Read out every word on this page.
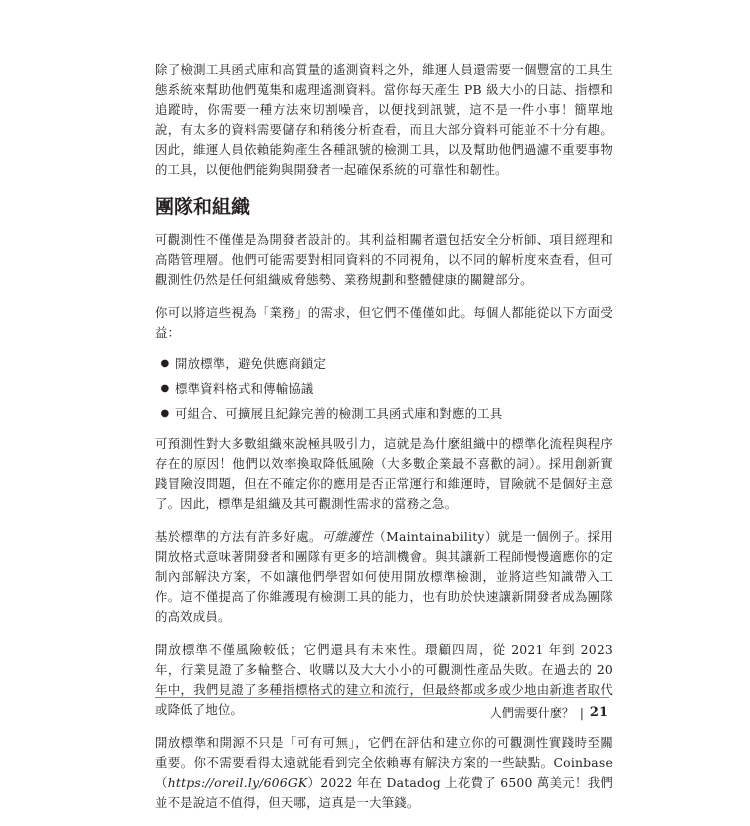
除了檢測工具函式庫和高質量的遙測資料之外，維運人員還需要一個豐富的工具生態系統來幫助他們蒐集和處理遙測資料。當你每天產生 PB 級大小的日誌、指標和追蹤時，你需要一種方法來切割噪音，以便找到訊號，這不是一件小事！簡單地說，有太多的資料需要儲存和稍後分析查看，而且大部分資料可能並不十分有趣。因此，維運人員依賴能夠產生各種訊號的檢測工具，以及幫助他們過濾不重要事物的工具，以便他們能夠與開發者一起確保系統的可靠性和韌性。

團隊和組織

可觀測性不僅僅是為開發者設計的。其利益相關者還包括安全分析師、項目經理和高階管理層。他們可能需要對相同資料的不同視角，以不同的解析度來查看，但可觀測性仍然是任何組織威脅態勢、業務規劃和整體健康的關鍵部分。

你可以將這些視為「業務」的需求，但它們不僅僅如此。每個人都能從以下方面受益：

● 開放標準，避免供應商鎖定
● 標準資料格式和傳輸協議
● 可組合、可擴展且紀錄完善的檢測工具函式庫和對應的工具

可預測性對大多數組織來說極具吸引力，這就是為什麼組織中的標準化流程與程序存在的原因！他們以效率換取降低風險（大多數企業最不喜歡的詞）。採用創新實踐冒險沒問題，但在不確定你的應用是否正常運行和維運時，冒險就不是個好主意了。因此，標準是組織及其可觀測性需求的當務之急。

基於標準的方法有許多好處。可維護性（Maintainability）就是一個例子。採用開放格式意味著開發者和團隊有更多的培訓機會。與其讓新工程師慢慢適應你的定制內部解決方案，不如讓他們學習如何使用開放標準檢測，並將這些知識帶入工作。這不僅提高了你維護現有檢測工具的能力，也有助於快速讓新開發者成為團隊的高效成員。

開放標準不僅風險較低；它們還具有未來性。環顧四周，從 2021 年到 2023 年，行業見證了多輪整合、收購以及大大小小的可觀測性產品失敗。在過去的 20 年中，我們見證了多種指標格式的建立和流行，但最終都或多或少地由新進者取代或降低了地位。

開放標準和開源不只是「可有可無」，它們在評估和建立你的可觀測性實踐時至關重要。你不需要看得太遠就能看到完全依賴專有解決方案的一些缺點。Coinbase（https://oreil.ly/606GK）2022 年在 Datadog 上花費了 6500 萬美元！我們並不是說這不值得，但天哪，這真是一大筆錢。

人們需要什麼？ | 21
